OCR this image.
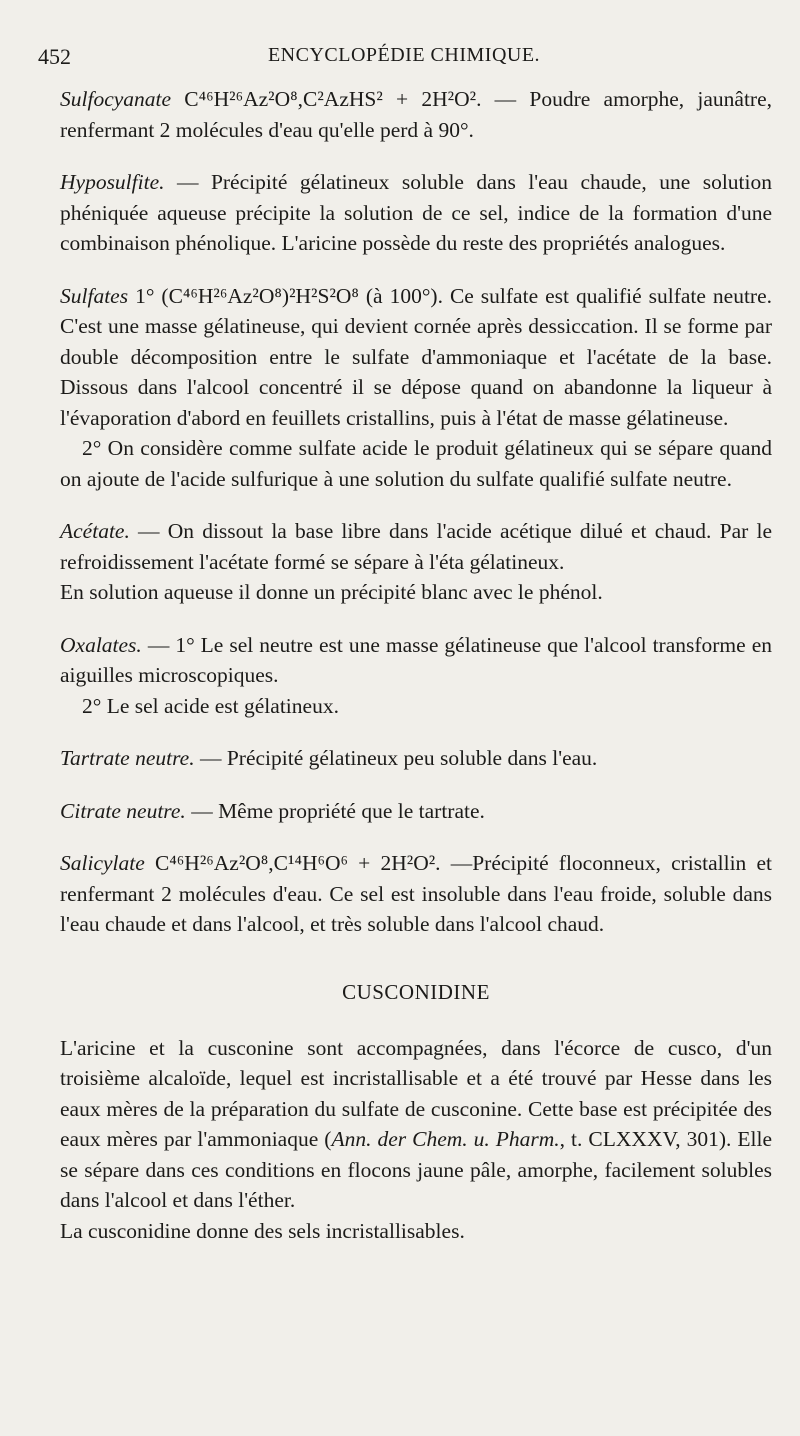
452	ENCYCLOPÉDIE CHIMIQUE.

Sulfocyanate C⁴⁶H²⁶Az²O⁸,C²AzHS² + 2H²O². — Poudre amorphe, jaunâtre, renfermant 2 molécules d'eau qu'elle perd à 90°.

Hyposulfite. — Précipité gélatineux soluble dans l'eau chaude, une solution phéniquée aqueuse précipite la solution de ce sel, indice de la formation d'une combinaison phénolique. L'aricine possède du reste des propriétés analogues.

Sulfates 1° (C⁴⁶H²⁶Az²O⁸)²H²S²O⁸ (à 100°). Ce sulfate est qualifié sulfate neutre. C'est une masse gélatineuse, qui devient cornée après dessiccation. Il se forme par double décomposition entre le sulfate d'ammoniaque et l'acétate de la base. Dissous dans l'alcool concentré il se dépose quand on abandonne la liqueur à l'évaporation d'abord en feuillets cristallins, puis à l'état de masse gélatineuse.

2° On considère comme sulfate acide le produit gélatineux qui se sépare quand on ajoute de l'acide sulfurique à une solution du sulfate qualifié sulfate neutre.

Acétate. — On dissout la base libre dans l'acide acétique dilué et chaud. Par le refroidissement l'acétate formé se sépare à l'éta gélatineux.

En solution aqueuse il donne un précipité blanc avec le phénol.

Oxalates. — 1° Le sel neutre est une masse gélatineuse que l'alcool transforme en aiguilles microscopiques.

2° Le sel acide est gélatineux.

Tartrate neutre. — Précipité gélatineux peu soluble dans l'eau.

Citrate neutre. — Même propriété que le tartrate.

Salicylate C⁴⁶H²⁶Az²O⁸,C¹⁴H⁶O⁶ + 2H²O². —Précipité floconneux, cristallin et renfermant 2 molécules d'eau. Ce sel est insoluble dans l'eau froide, soluble dans l'eau chaude et dans l'alcool, et très soluble dans l'alcool chaud.

CUSCONIDINE

L'aricine et la cusconine sont accompagnées, dans l'écorce de cusco, d'un troisième alcaloïde, lequel est incristallisable et a été trouvé par Hesse dans les eaux mères de la préparation du sulfate de cusconine. Cette base est précipitée des eaux mères par l'ammoniaque (Ann. der Chem. u. Pharm., t. CLXXXV, 301). Elle se sépare dans ces conditions en flocons jaune pâle, amorphe, facilement solubles dans l'alcool et dans l'éther.

La cusconidine donne des sels incristallisables.
